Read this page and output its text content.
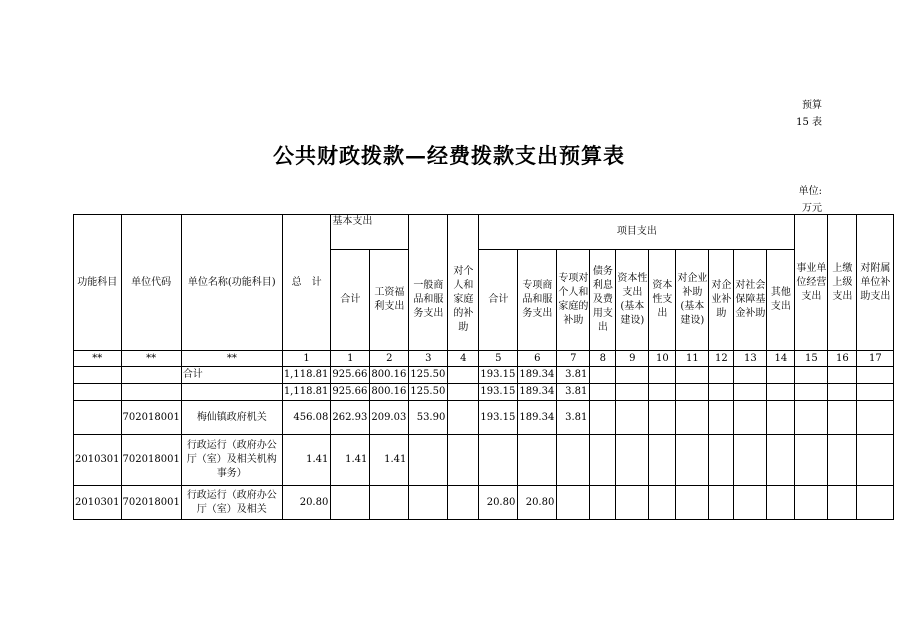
预算
15 表
公共财政拨款—经费拨款支出预算表
单位:
万元
功能科目	单位代码	单位名称(功能科目)	总　计	基本支出				项目支出										事业单位经营支出	上缴上级支出	对附属单位补助支出
				合计	工资福利支出	一般商品和服务支出	对个人和家庭的补助	合计	专项商品和服务支出	专项对个人和家庭的补助	债务利息及费用支出	资本性支出(基本建设)	资本性支出	对企业补助(基本建设)	对企业补助	对社会保障基金补助	其他支出			
**	**	**	1	1	2	3	4	5	6	7	8	9	10	11	12	13	14	15	16	17
		合计	1,118.81	925.66	800.16	125.50		193.15	189.34	3.81										
			1,118.81	925.66	800.16	125.50		193.15	189.34	3.81										
	702018001	梅仙镇政府机关	456.08	262.93	209.03	53.90		193.15	189.34	3.81										
2010301	702018001	行政运行（政府办公厅（室）及相关机构事务）	1.41	1.41	1.41															
2010301	702018001	行政运行（政府办公厅（室）及相关	20.80					20.80	20.80											
